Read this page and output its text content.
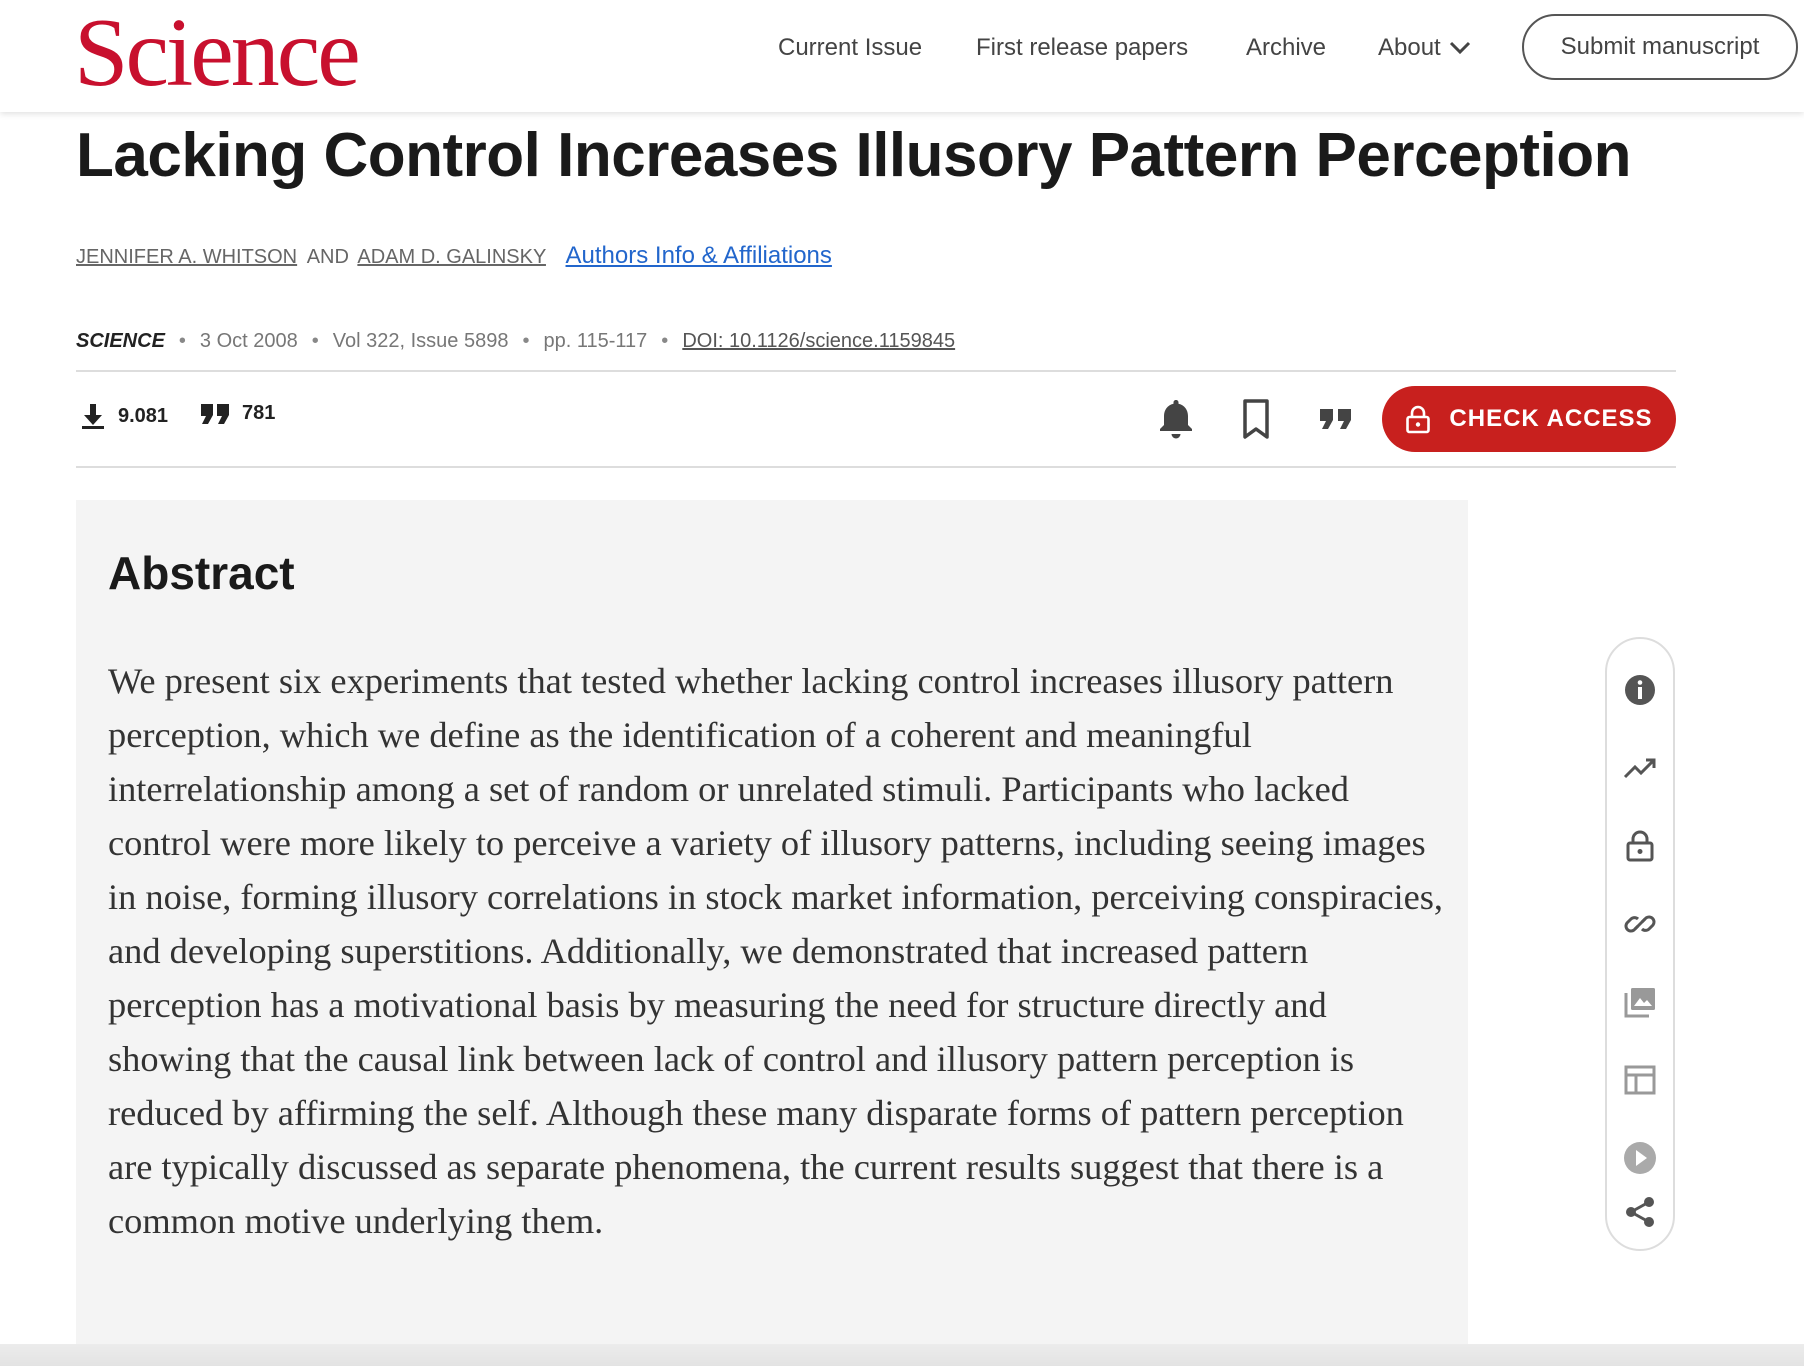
Science	Current Issue First release papers Archive About	Submit manuscript
Lacking Control Increases Illusory Pattern Perception
JENNIFER A. WHITSON AND ADAM D. GALINSKY Authors Info & Affiliations
SCIENCE • 3 Oct 2008 • Vol 322, Issue 5898 • pp. 115-117 • DOI: 10.1126/science.1159845
9.081	781	CHECK ACCESS
Abstract

We present six experiments that tested whether lacking control increases illusory pattern perception, which we define as the identification of a coherent and meaningful interrelationship among a set of random or unrelated stimuli. Participants who lacked control were more likely to perceive a variety of illusory patterns, including seeing images in noise, forming illusory correlations in stock market information, perceiving conspiracies, and developing superstitions. Additionally, we demonstrated that increased pattern perception has a motivational basis by measuring the need for structure directly and showing that the causal link between lack of control and illusory pattern perception is reduced by affirming the self. Although these many disparate forms of pattern perception are typically discussed as separate phenomena, the current results suggest that there is a common motive underlying them.
